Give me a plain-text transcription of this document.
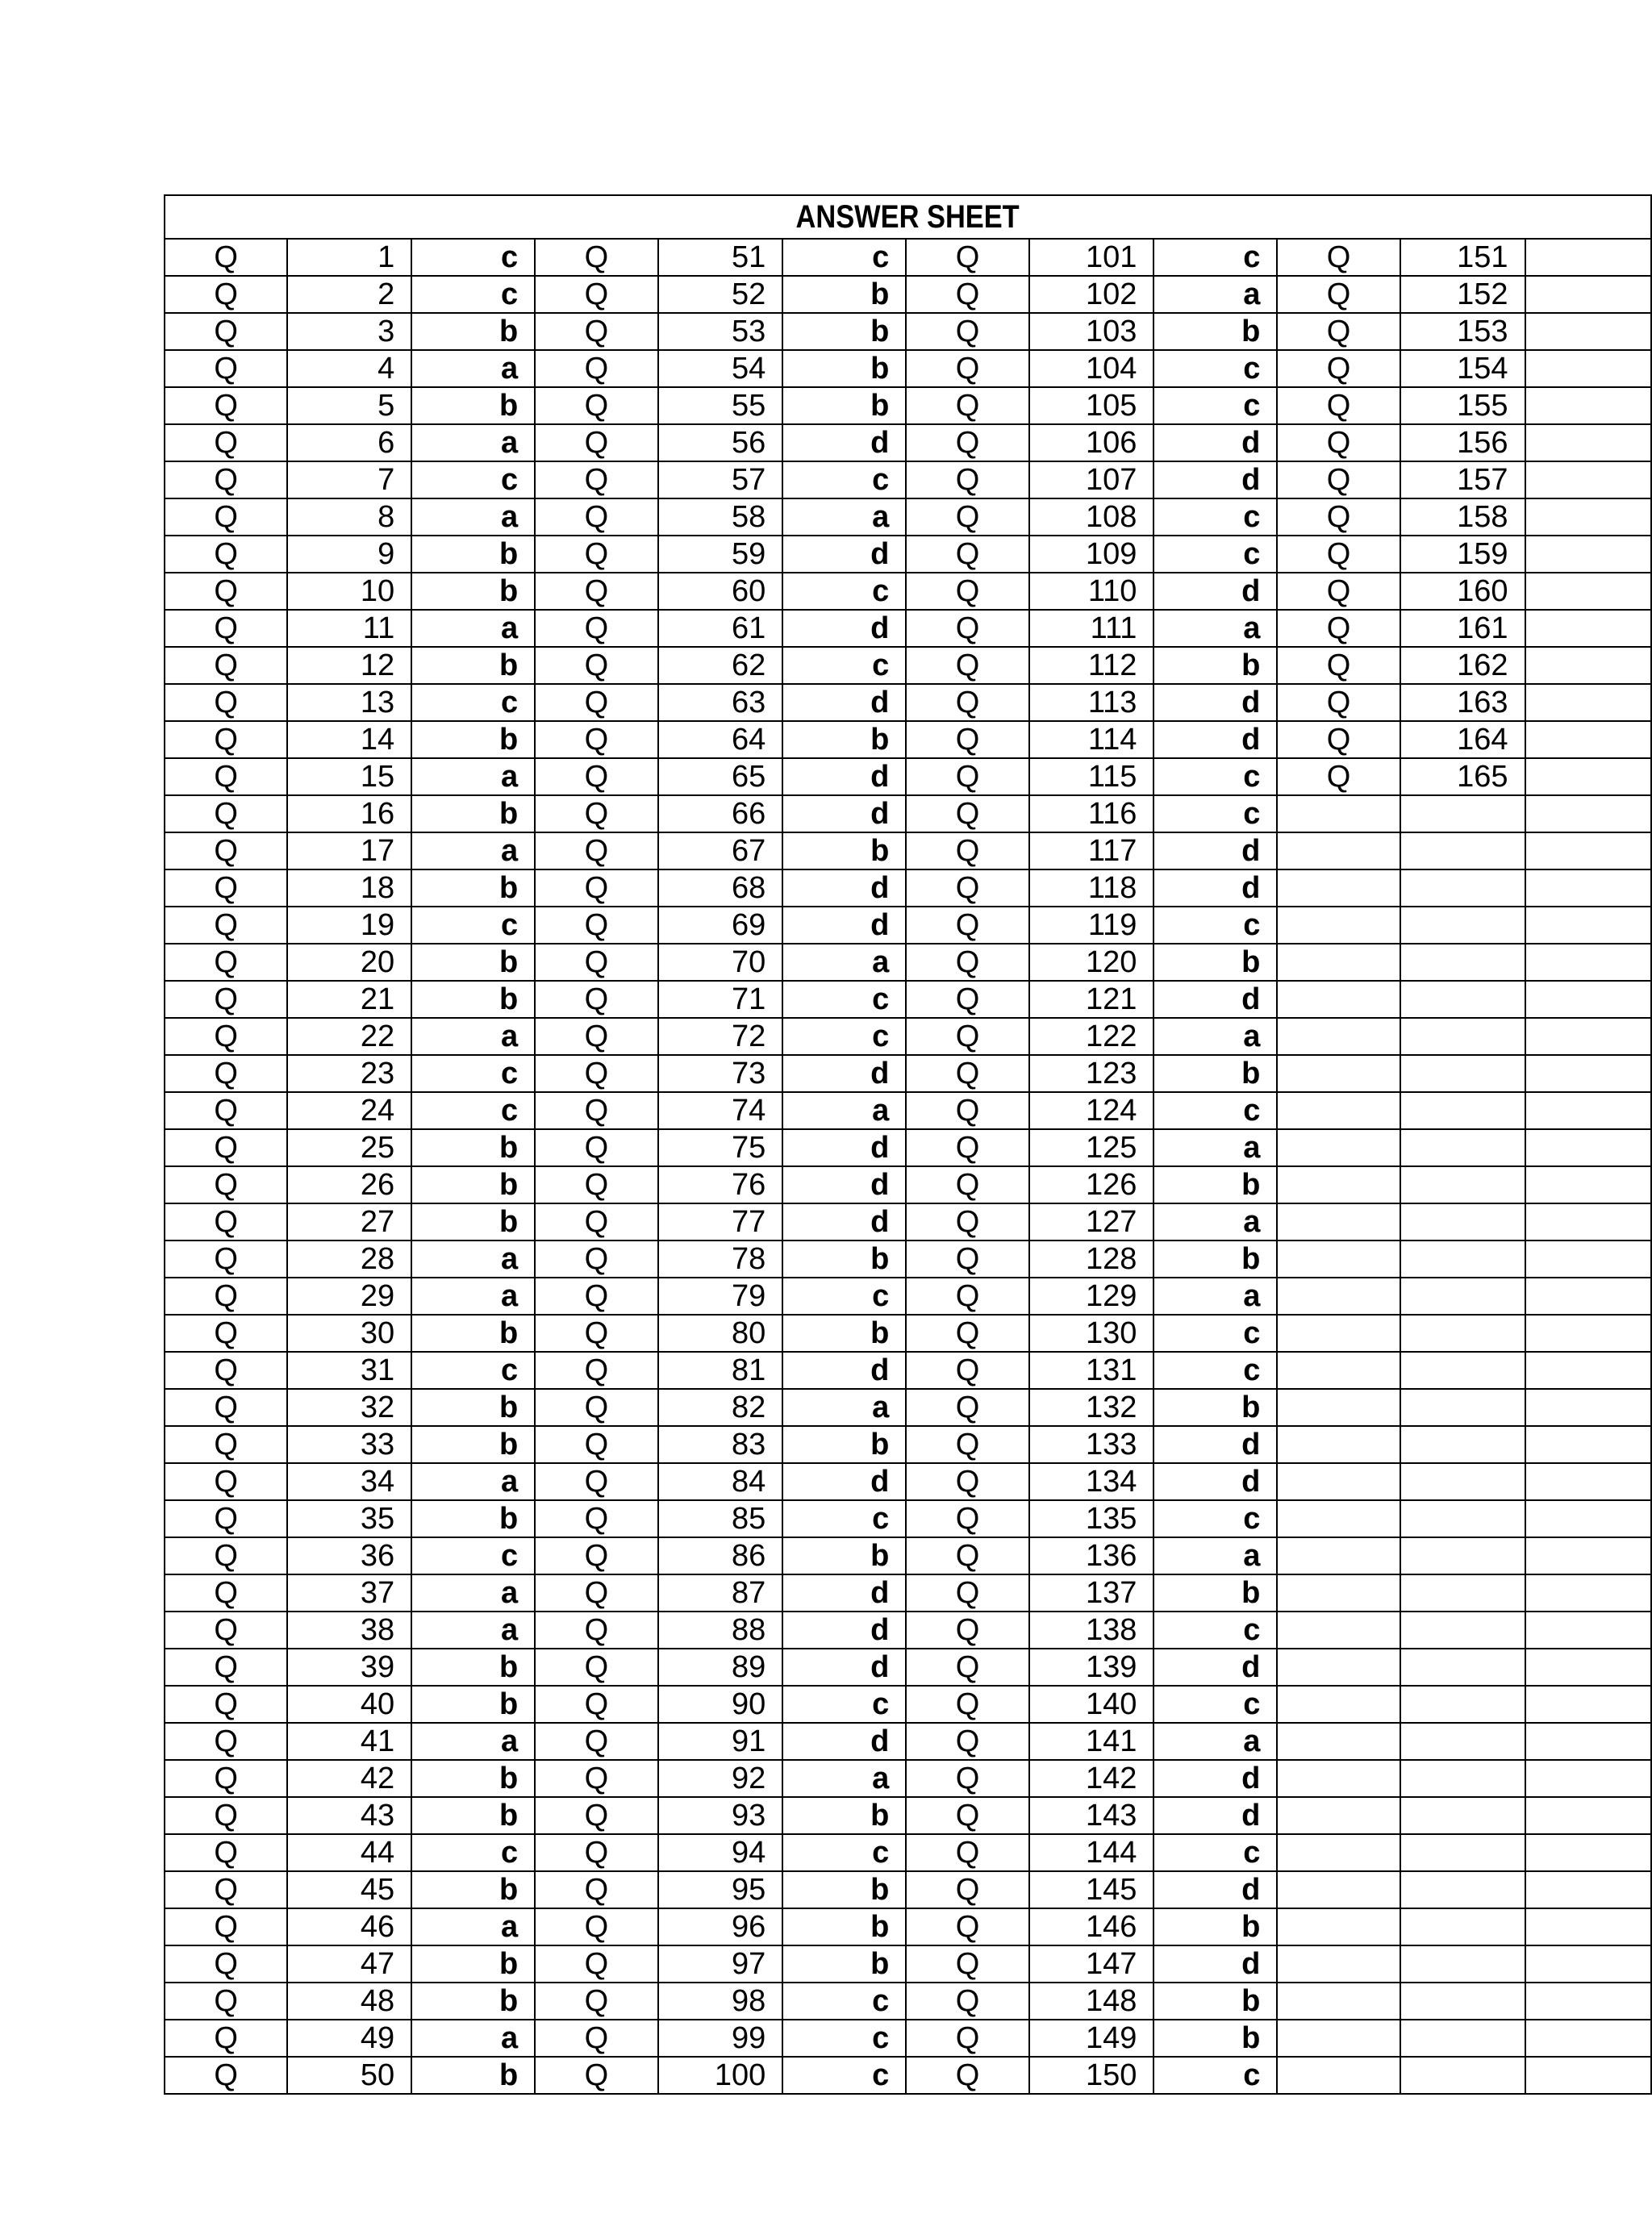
ANSWER SHEET											
Q	1	c	Q	51	c	Q	101	c	Q	151	
Q	2	c	Q	52	b	Q	102	a	Q	152	
Q	3	b	Q	53	b	Q	103	b	Q	153	
Q	4	a	Q	54	b	Q	104	c	Q	154	
Q	5	b	Q	55	b	Q	105	c	Q	155	
Q	6	a	Q	56	d	Q	106	d	Q	156	
Q	7	c	Q	57	c	Q	107	d	Q	157	
Q	8	a	Q	58	a	Q	108	c	Q	158	
Q	9	b	Q	59	d	Q	109	c	Q	159	
Q	10	b	Q	60	c	Q	110	d	Q	160	
Q	11	a	Q	61	d	Q	111	a	Q	161	
Q	12	b	Q	62	c	Q	112	b	Q	162	
Q	13	c	Q	63	d	Q	113	d	Q	163	
Q	14	b	Q	64	b	Q	114	d	Q	164	
Q	15	a	Q	65	d	Q	115	c	Q	165	
Q	16	b	Q	66	d	Q	116	c			
Q	17	a	Q	67	b	Q	117	d			
Q	18	b	Q	68	d	Q	118	d			
Q	19	c	Q	69	d	Q	119	c			
Q	20	b	Q	70	a	Q	120	b			
Q	21	b	Q	71	c	Q	121	d			
Q	22	a	Q	72	c	Q	122	a			
Q	23	c	Q	73	d	Q	123	b			
Q	24	c	Q	74	a	Q	124	c			
Q	25	b	Q	75	d	Q	125	a			
Q	26	b	Q	76	d	Q	126	b			
Q	27	b	Q	77	d	Q	127	a			
Q	28	a	Q	78	b	Q	128	b			
Q	29	a	Q	79	c	Q	129	a			
Q	30	b	Q	80	b	Q	130	c			
Q	31	c	Q	81	d	Q	131	c			
Q	32	b	Q	82	a	Q	132	b			
Q	33	b	Q	83	b	Q	133	d			
Q	34	a	Q	84	d	Q	134	d			
Q	35	b	Q	85	c	Q	135	c			
Q	36	c	Q	86	b	Q	136	a			
Q	37	a	Q	87	d	Q	137	b			
Q	38	a	Q	88	d	Q	138	c			
Q	39	b	Q	89	d	Q	139	d			
Q	40	b	Q	90	c	Q	140	c			
Q	41	a	Q	91	d	Q	141	a			
Q	42	b	Q	92	a	Q	142	d			
Q	43	b	Q	93	b	Q	143	d			
Q	44	c	Q	94	c	Q	144	c			
Q	45	b	Q	95	b	Q	145	d			
Q	46	a	Q	96	b	Q	146	b			
Q	47	b	Q	97	b	Q	147	d			
Q	48	b	Q	98	c	Q	148	b			
Q	49	a	Q	99	c	Q	149	b			
Q	50	b	Q	100	c	Q	150	c			
